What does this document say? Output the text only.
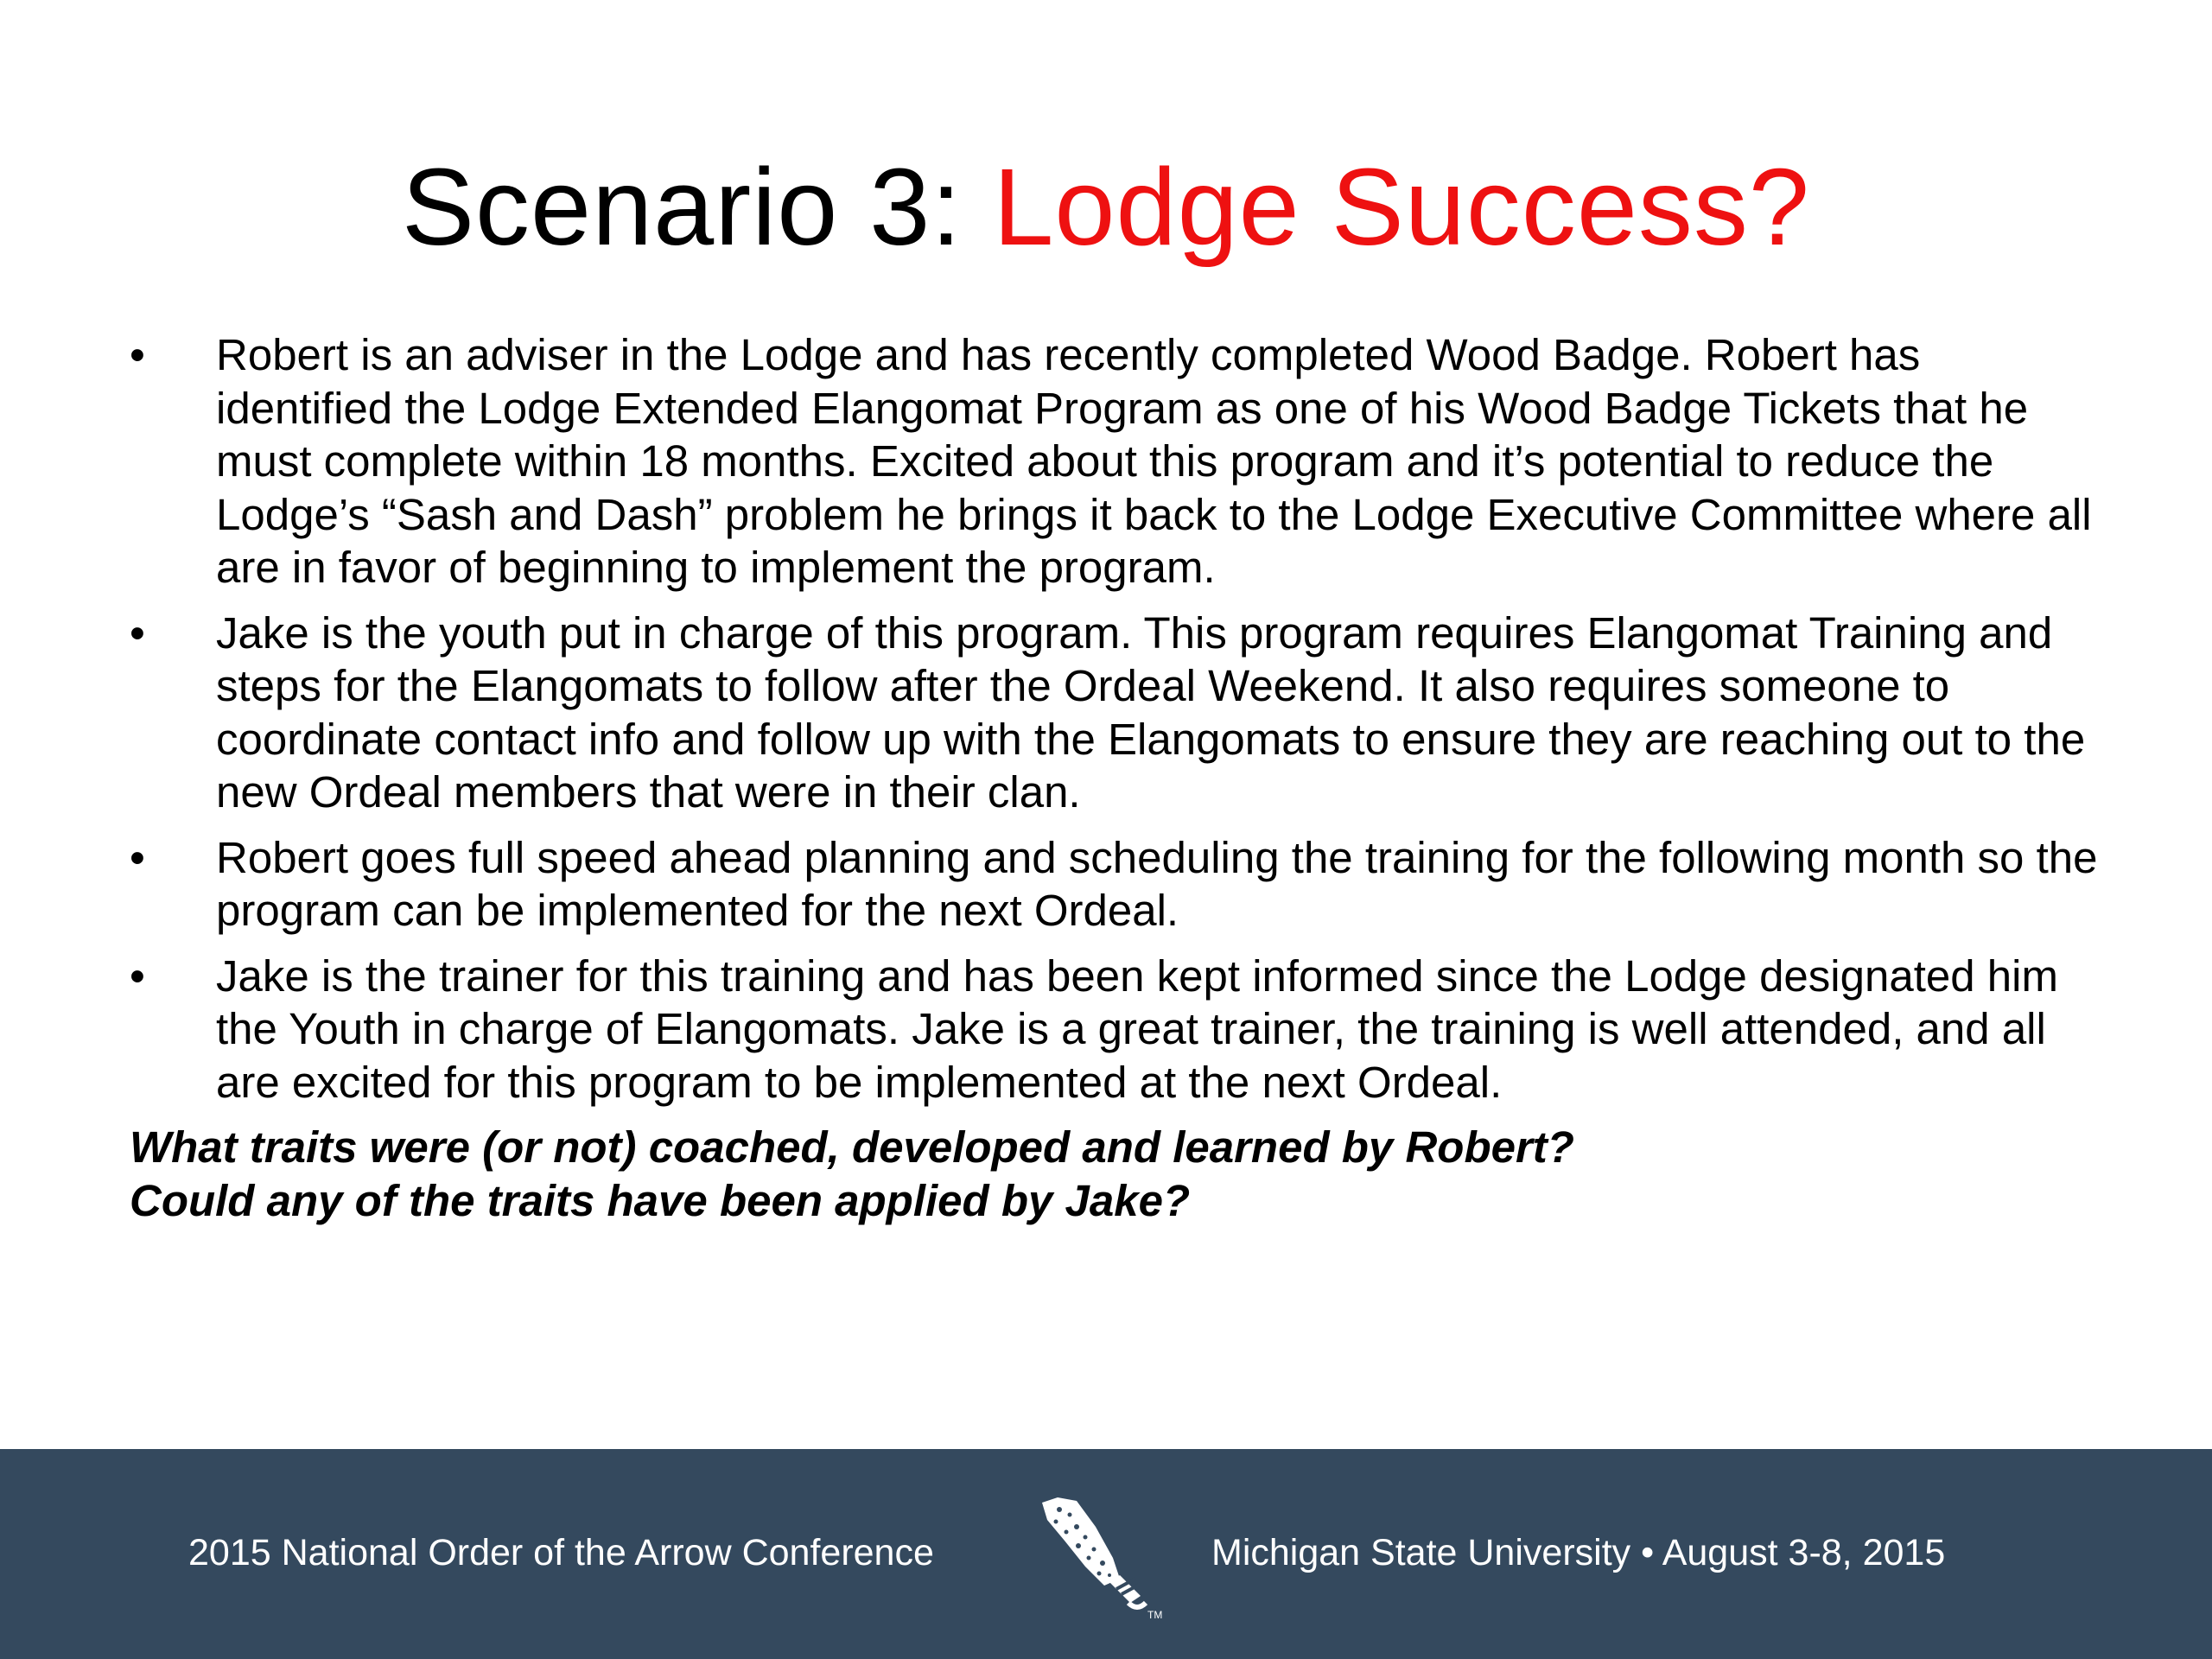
Scenario 3: Lodge Success?
•	Robert is an adviser in the Lodge and has recently completed Wood Badge. Robert has identified the Lodge Extended Elangomat Program as one of his Wood Badge Tickets that he must complete within 18 months. Excited about this program and it’s potential to reduce the Lodge’s “Sash and Dash” problem he brings it back to the Lodge Executive Committee where all are in favor of beginning to implement the program.
•	Jake is the youth put in charge of this program. This program requires Elangomat Training and steps for the Elangomats to follow after the Ordeal Weekend. It also requires someone to coordinate contact info and follow up with the Elangomats to ensure they are reaching out to the new Ordeal members that were in their clan.
•	Robert goes full speed ahead planning and scheduling the training for the following month so the program can be implemented for the next Ordeal.
•	Jake is the trainer for this training and has been kept informed since the Lodge designated him the Youth in charge of Elangomats. Jake is a great trainer, the training is well attended, and all are excited for this program to be implemented at the next Ordeal.
What traits were (or not) coached, developed and learned by Robert?
Could any of the traits have been applied by Jake?
2015 National Order of the Arrow Conference
TM
Michigan State University • August 3-8, 2015
